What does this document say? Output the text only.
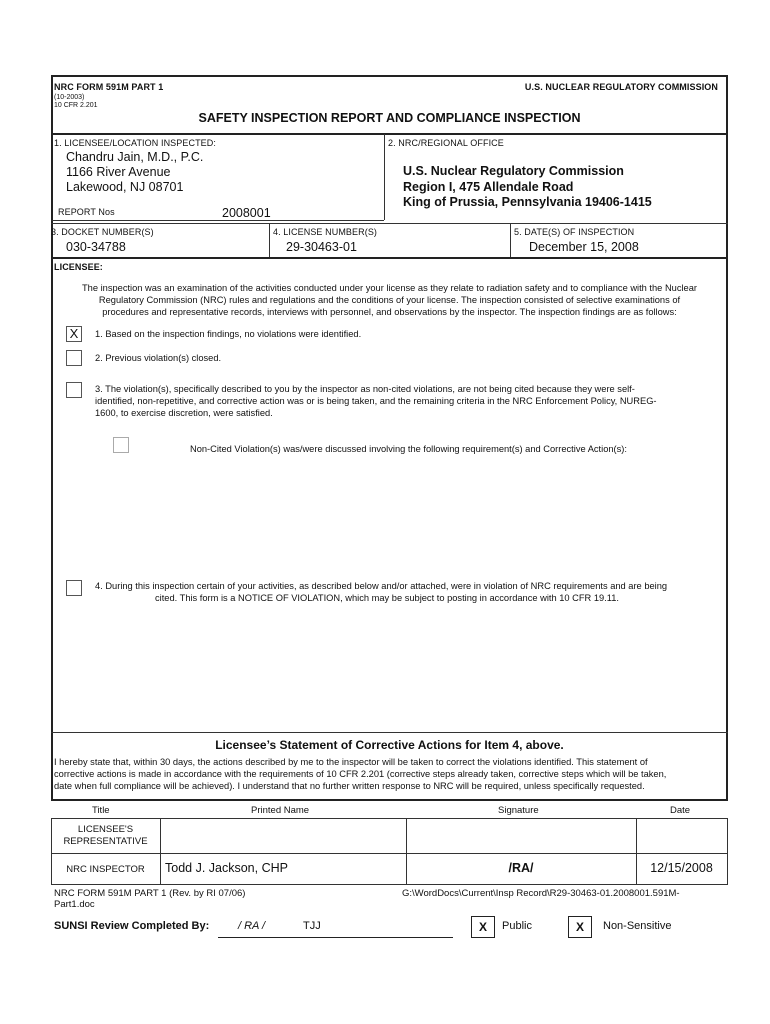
NRC FORM 591M PART 1
(10-2003)
10 CFR 2.201
U.S. NUCLEAR REGULATORY COMMISSION
SAFETY INSPECTION REPORT AND COMPLIANCE INSPECTION
1. LICENSEE/LOCATION INSPECTED:
Chandru Jain, M.D., P.C.
1166 River Avenue
Lakewood, NJ 08701
2. NRC/REGIONAL OFFICE
U.S. Nuclear Regulatory Commission
Region I, 475 Allendale Road
King of Prussia, Pennsylvania 19406-1415
REPORT Nos	2008001
3. DOCKET NUMBER(S)
030-34788
4. LICENSE NUMBER(S)
29-30463-01
5. DATE(S) OF INSPECTION
December 15, 2008
LICENSEE:
The inspection was an examination of the activities conducted under your license as they relate to radiation safety and to compliance with the Nuclear
Regulatory Commission (NRC) rules and regulations and the conditions of your license. The inspection consisted of selective examinations of
procedures and representative records, interviews with personnel, and observations by the inspector. The inspection findings are as follows:
X	1. Based on the inspection findings, no violations were identified.
2. Previous violation(s) closed.
3. The violation(s), specifically described to you by the inspector as non-cited violations, are not being cited because they were self-
identified, non-repetitive, and corrective action was or is being taken, and the remaining criteria in the NRC Enforcement Policy, NUREG-
1600, to exercise discretion, were satisfied.
Non-Cited Violation(s) was/were discussed involving the following requirement(s) and Corrective Action(s):
4. During this inspection certain of your activities, as described below and/or attached, were in violation of NRC requirements and are being
cited. This form is a NOTICE OF VIOLATION, which may be subject to posting in accordance with 10 CFR 19.11.
Licensee’s Statement of Corrective Actions for Item 4, above.
I hereby state that, within 30 days, the actions described by me to the inspector will be taken to correct the violations identified. This statement of
corrective actions is made in accordance with the requirements of 10 CFR 2.201 (corrective steps already taken, corrective steps which will be taken,
date when full compliance will be achieved). I understand that no further written response to NRC will be required, unless specifically requested.
Title	Printed Name	Signature	Date
LICENSEE'S
REPRESENTATIVE
NRC INSPECTOR	Todd J. Jackson, CHP	/RA/	12/15/2008
NRC FORM 591M PART 1 (Rev. by RI 07/06)
Part1.doc
G:\WordDocs\Current\Insp Record\R29-30463-01.2008001.591M-
SUNSI Review Completed By:	/ RA /	TJJ	X	Public	X	Non-Sensitive
